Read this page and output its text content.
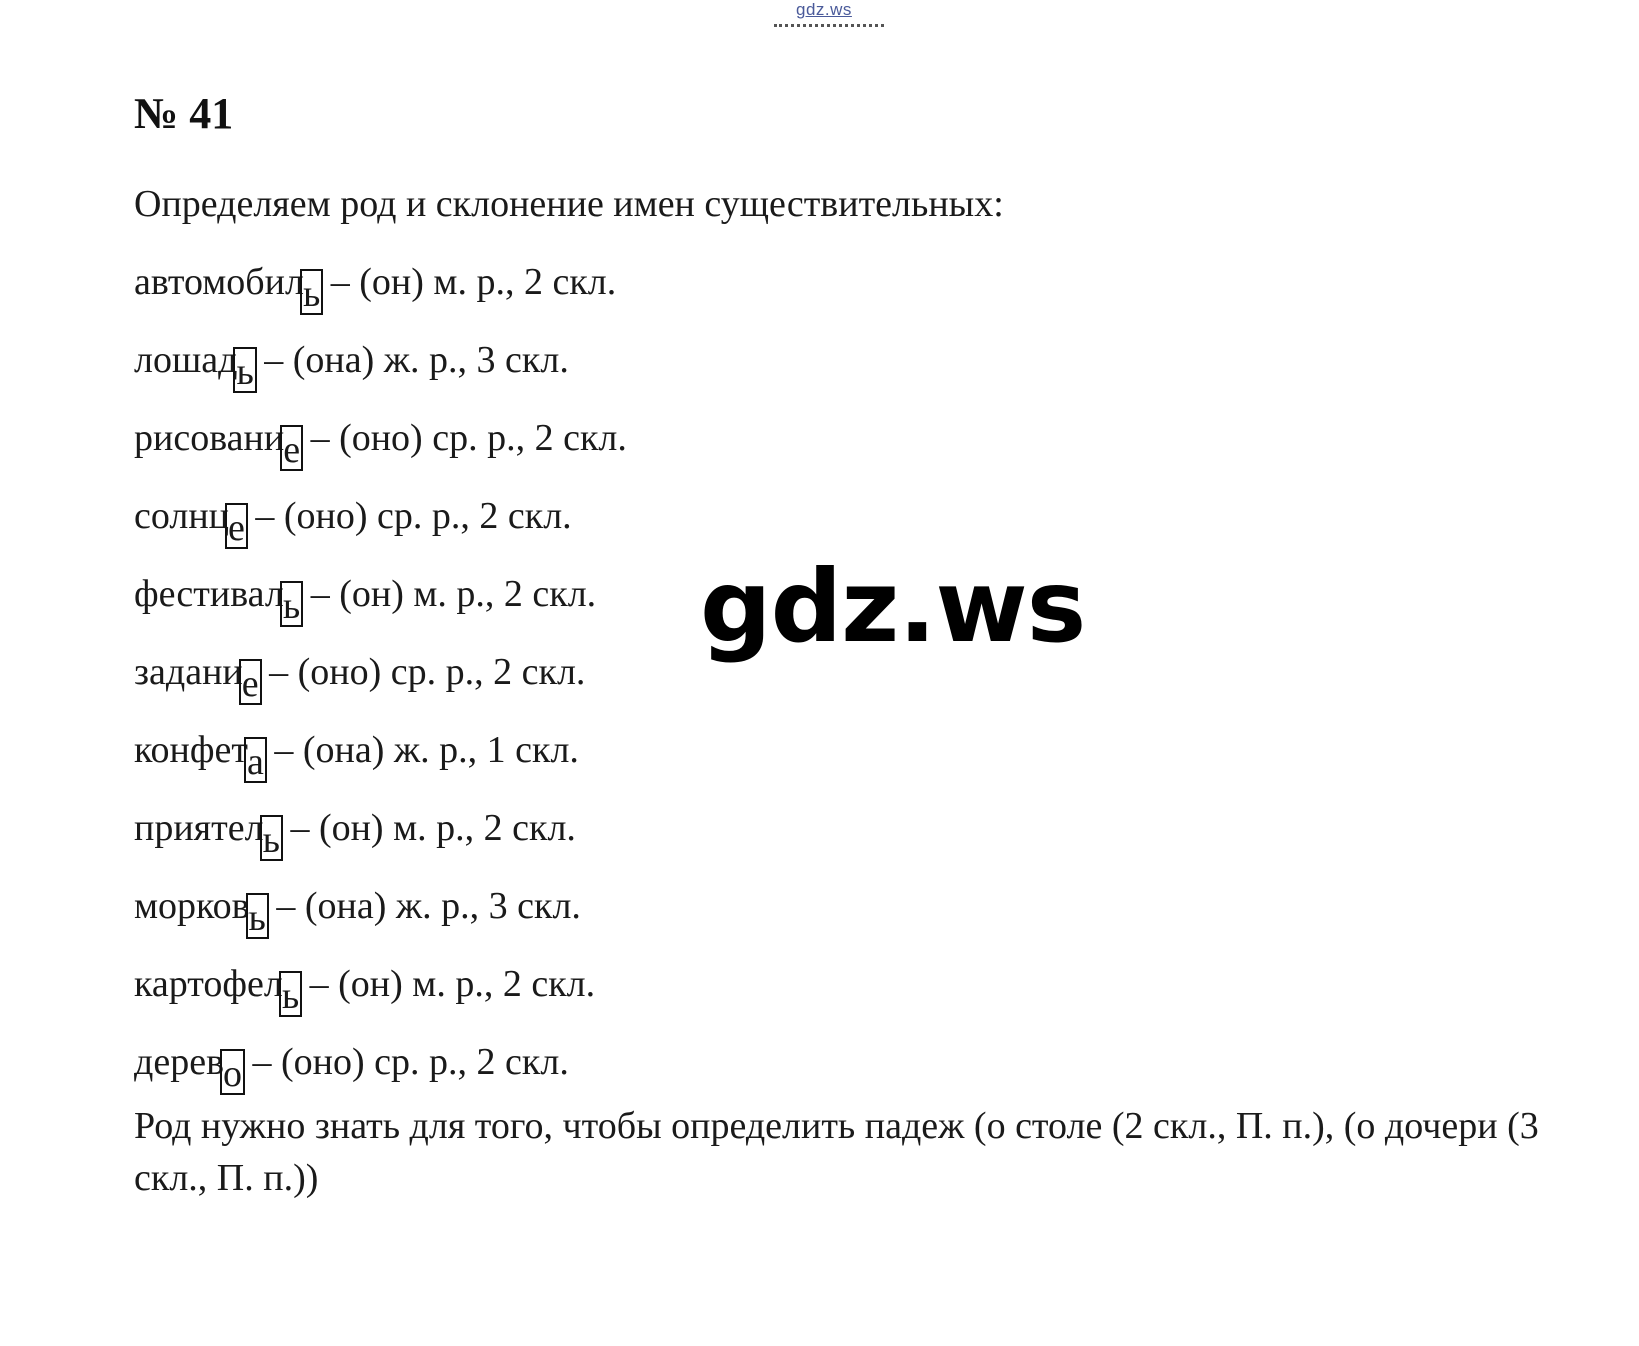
gdz.ws
№ 41
Определяем род и склонение имен существительных:
автомобиль – (он) м. р., 2 скл.
лошадь – (она) ж. р., 3 скл.
рисование – (оно) ср. р., 2 скл.
солнце – (оно) ср. р., 2 скл.
фестиваль – (он) м. р., 2 скл.
задание – (оно) ср. р., 2 скл.
конфета – (она) ж. р., 1 скл.
приятель – (он) м. р., 2 скл.
морковь – (она) ж. р., 3 скл.
картофель – (он) м. р., 2 скл.
дерево – (оно) ср. р., 2 скл.
Род нужно знать для того, чтобы определить падеж (о столе (2 скл., П. п.), (о дочери (3 скл., П. п.))
gdz.ws
